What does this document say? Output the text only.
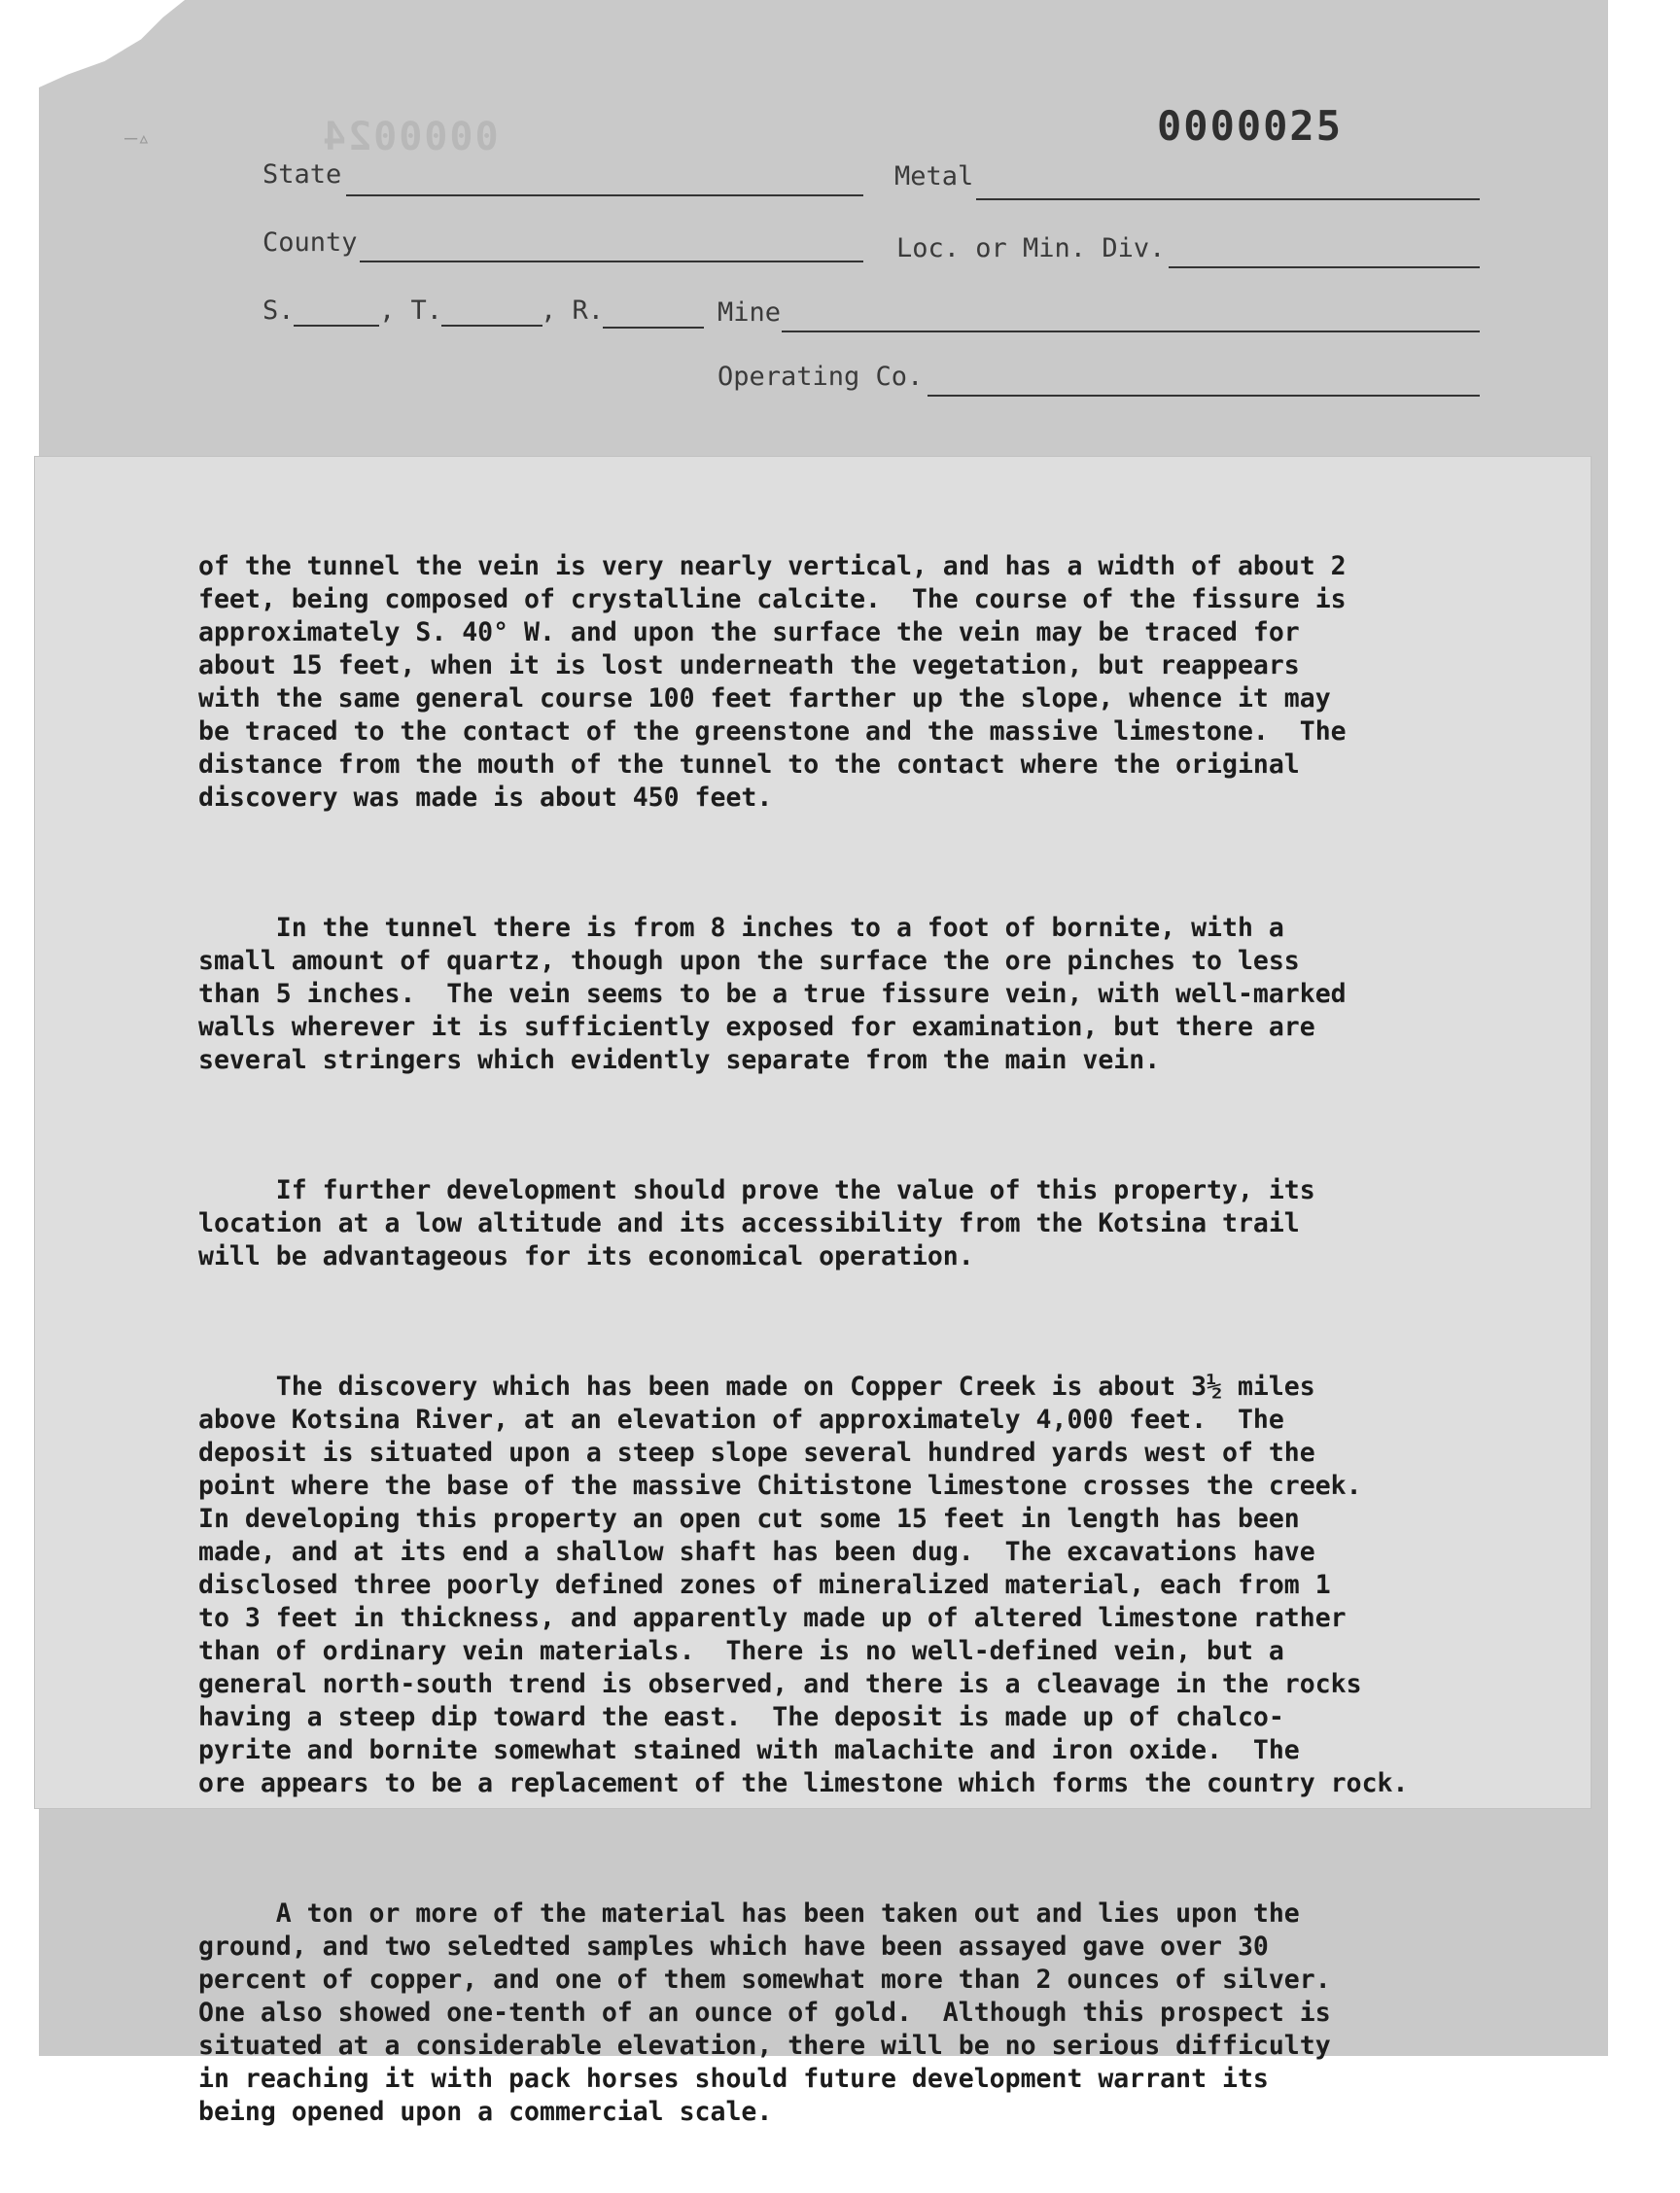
–▵	0000024	0000025
State	Metal
County	Loc. or Min. Div.
S.	, T.	, R.	Mine
Operating Co.

of the tunnel the vein is very nearly vertical, and has a width of about 2
feet, being composed of crystalline calcite.  The course of the fissure is
approximately S. 40° W. and upon the surface the vein may be traced for
about 15 feet, when it is lost underneath the vegetation, but reappears
with the same general course 100 feet farther up the slope, whence it may
be traced to the contact of the greenstone and the massive limestone.  The
distance from the mouth of the tunnel to the contact where the original
discovery was made is about 450 feet.

In the tunnel there is from 8 inches to a foot of bornite, with a
small amount of quartz, though upon the surface the ore pinches to less
than 5 inches.  The vein seems to be a true fissure vein, with well-marked
walls wherever it is sufficiently exposed for examination, but there are
several stringers which evidently separate from the main vein.

If further development should prove the value of this property, its
location at a low altitude and its accessibility from the Kotsina trail
will be advantageous for its economical operation.

The discovery which has been made on Copper Creek is about 3½ miles
above Kotsina River, at an elevation of approximately 4,000 feet.  The
deposit is situated upon a steep slope several hundred yards west of the
point where the base of the massive Chitistone limestone crosses the creek.
In developing this property an open cut some 15 feet in length has been
made, and at its end a shallow shaft has been dug.  The excavations have
disclosed three poorly defined zones of mineralized material, each from 1
to 3 feet in thickness, and apparently made up of altered limestone rather
than of ordinary vein materials.  There is no well-defined vein, but a
general north-south trend is observed, and there is a cleavage in the rocks
having a steep dip toward the east.  The deposit is made up of chalco-
pyrite and bornite somewhat stained with malachite and iron oxide.  The
ore appears to be a replacement of the limestone which forms the country rock.

A ton or more of the material has been taken out and lies upon the
ground, and two seledted samples which have been assayed gave over 30
percent of copper, and one of them somewhat more than 2 ounces of silver.
One also showed one-tenth of an ounce of gold.  Although this prospect is
situated at a considerable elevation, there will be no serious difficulty
in reaching it with pack horses should future development warrant its
being opened upon a commercial scale.
